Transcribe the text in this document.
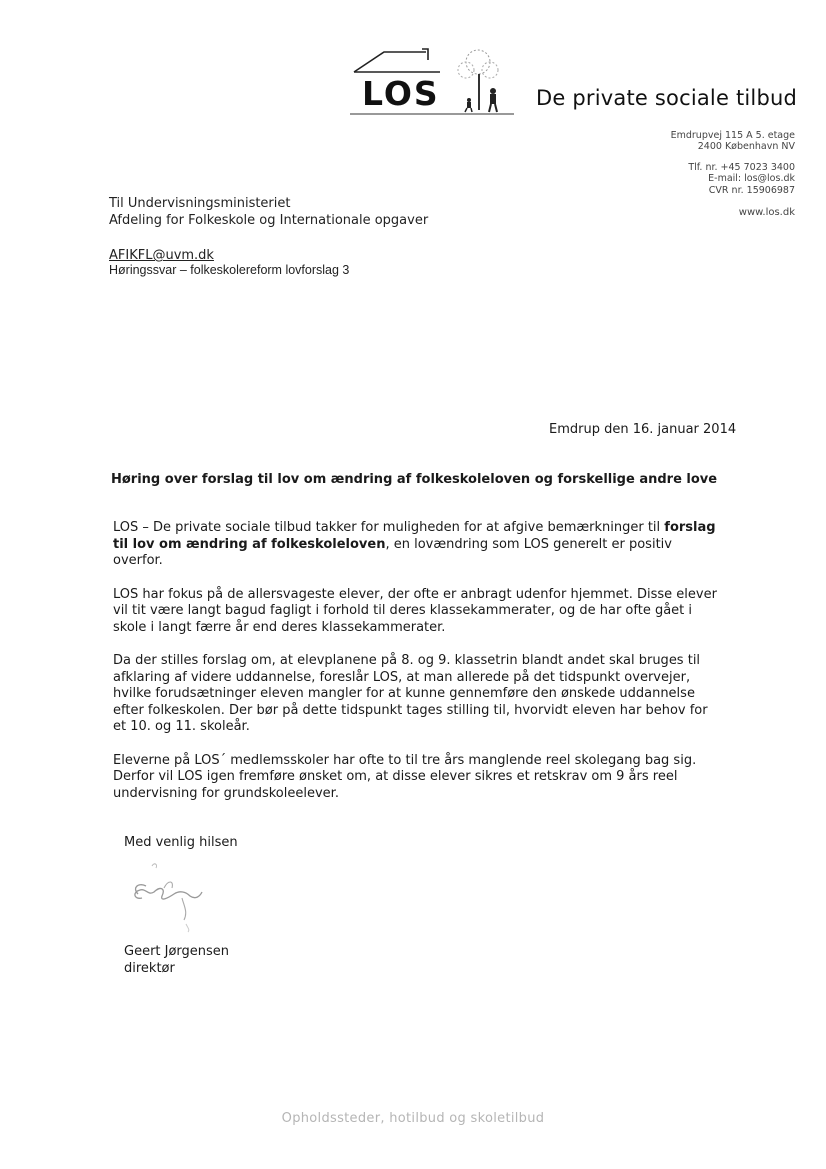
LOS	De private sociale tilbud
Emdrupvej 115 A 5. etage
2400 København NV
Tlf. nr. +45 7023 3400
E-mail: los@los.dk
CVR nr. 15906987
www.los.dk
Til Undervisningsministeriet
Afdeling for Folkeskole og Internationale opgaver
AFIKFL@uvm.dk
Høringssvar – folkeskolereform lovforslag 3
Emdrup den 16. januar 2014
Høring over forslag til lov om ændring af folkeskoleloven og forskellige andre love

LOS – De private sociale tilbud takker for muligheden for at afgive bemærkninger til forslag
til lov om ændring af folkeskoleloven, en lovændring som LOS generelt er positiv
overfor.

LOS har fokus på de allersvageste elever, der ofte er anbragt udenfor hjemmet. Disse elever
vil tit være langt bagud fagligt i forhold til deres klassekammerater, og de har ofte gået i
skole i langt færre år end deres klassekammerater.

Da der stilles forslag om, at elevplanene på 8. og 9. klassetrin blandt andet skal bruges til
afklaring af videre uddannelse, foreslår LOS, at man allerede på det tidspunkt overvejer,
hvilke forudsætninger eleven mangler for at kunne gennemføre den ønskede uddannelse
efter folkeskolen. Der bør på dette tidspunkt tages stilling til, hvorvidt eleven har behov for
et 10. og 11. skoleår.

Eleverne på LOS´ medlemsskoler har ofte to til tre års manglende reel skolegang bag sig.
Derfor vil LOS igen fremføre ønsket om, at disse elever sikres et retskrav om 9 års reel
undervisning for grundskoleelever.

Med venlig hilsen
Geert Jørgensen
direktør
Opholdssteder, hotilbud og skoletilbud
